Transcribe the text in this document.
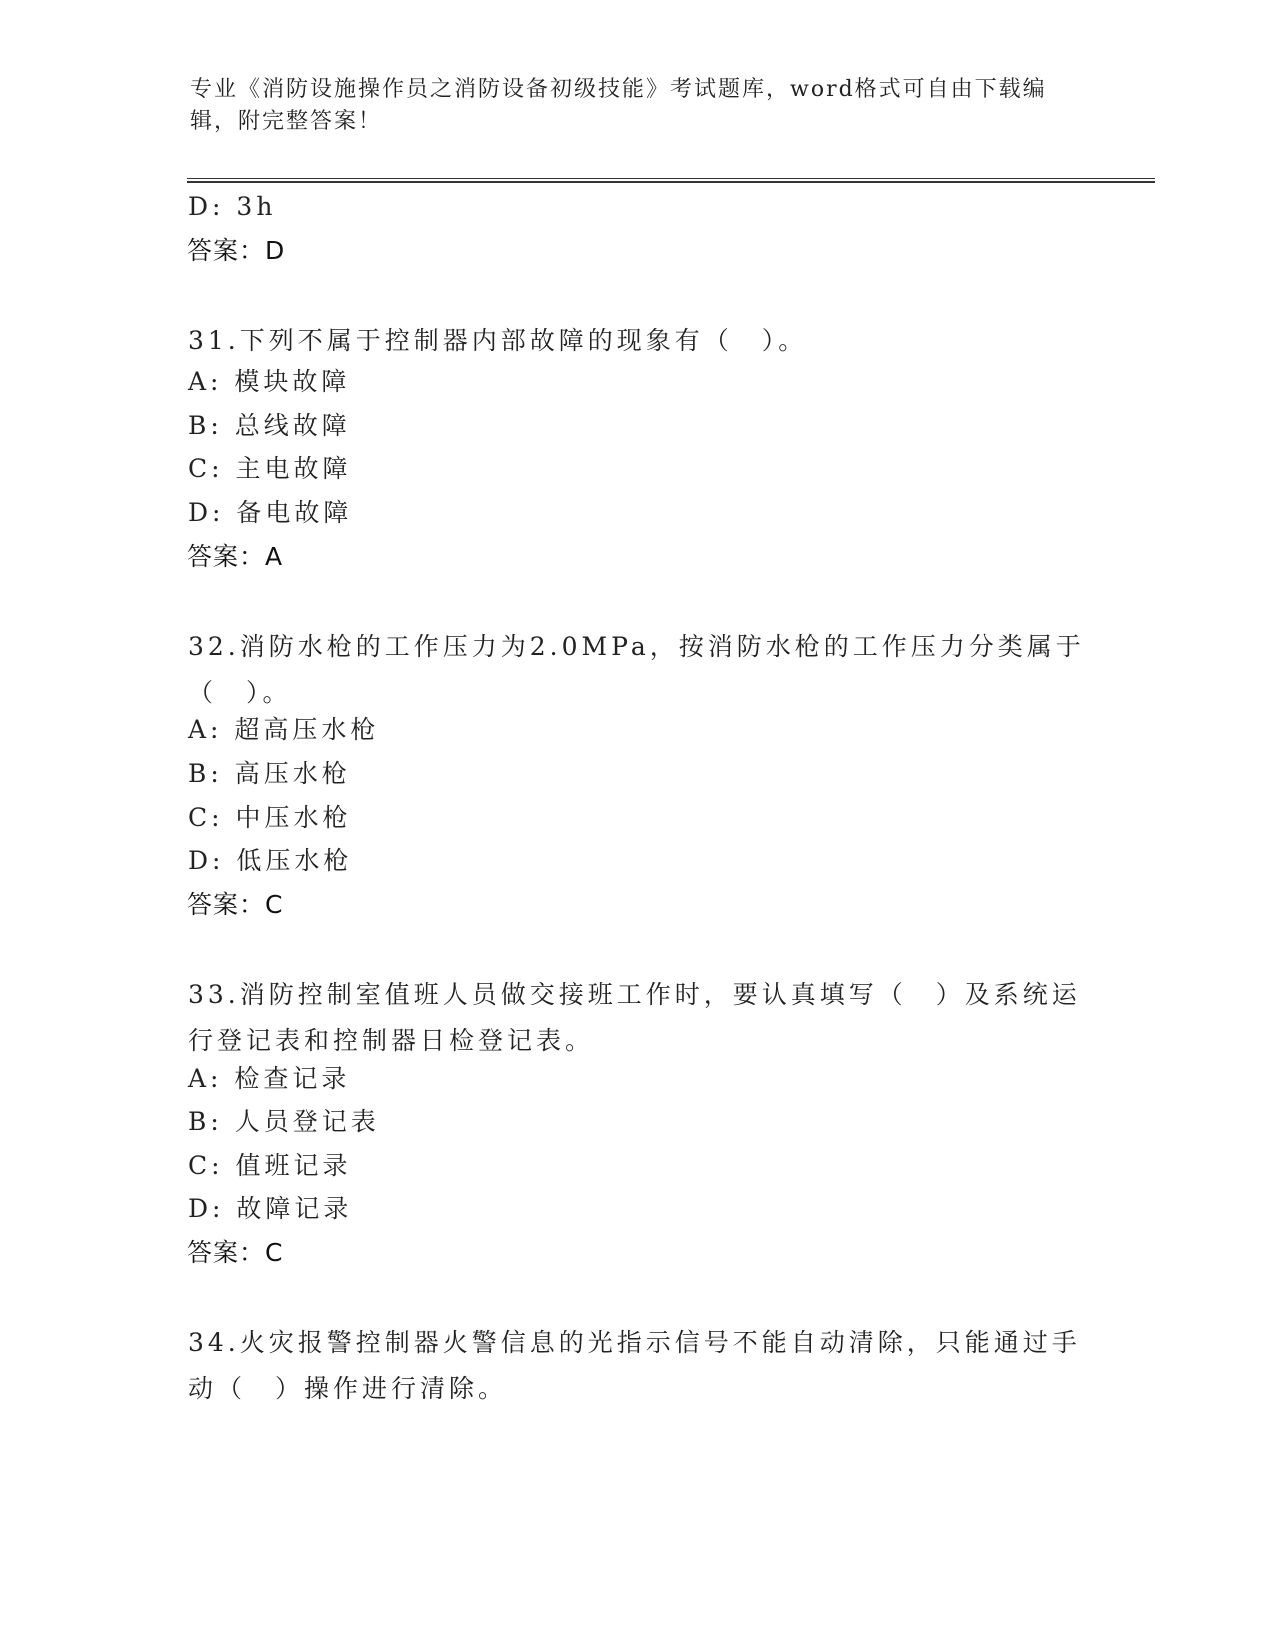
专业《消防设施操作员之消防设备初级技能》考试题库，word格式可自由下载编辑，附完整答案！
D: 3h
答案：D
31.下列不属于控制器内部故障的现象有（　）。
A: 模块故障
B: 总线故障
C: 主电故障
D: 备电故障
答案：A
32.消防水枪的工作压力为2.0MPa，按消防水枪的工作压力分类属于（　）。
A: 超高压水枪
B: 高压水枪
C: 中压水枪
D: 低压水枪
答案：C
33.消防控制室值班人员做交接班工作时，要认真填写（　）及系统运行登记表和控制器日检登记表。
A: 检查记录
B: 人员登记表
C: 值班记录
D: 故障记录
答案：C
34.火灾报警控制器火警信息的光指示信号不能自动清除，只能通过手动（　）操作进行清除。
